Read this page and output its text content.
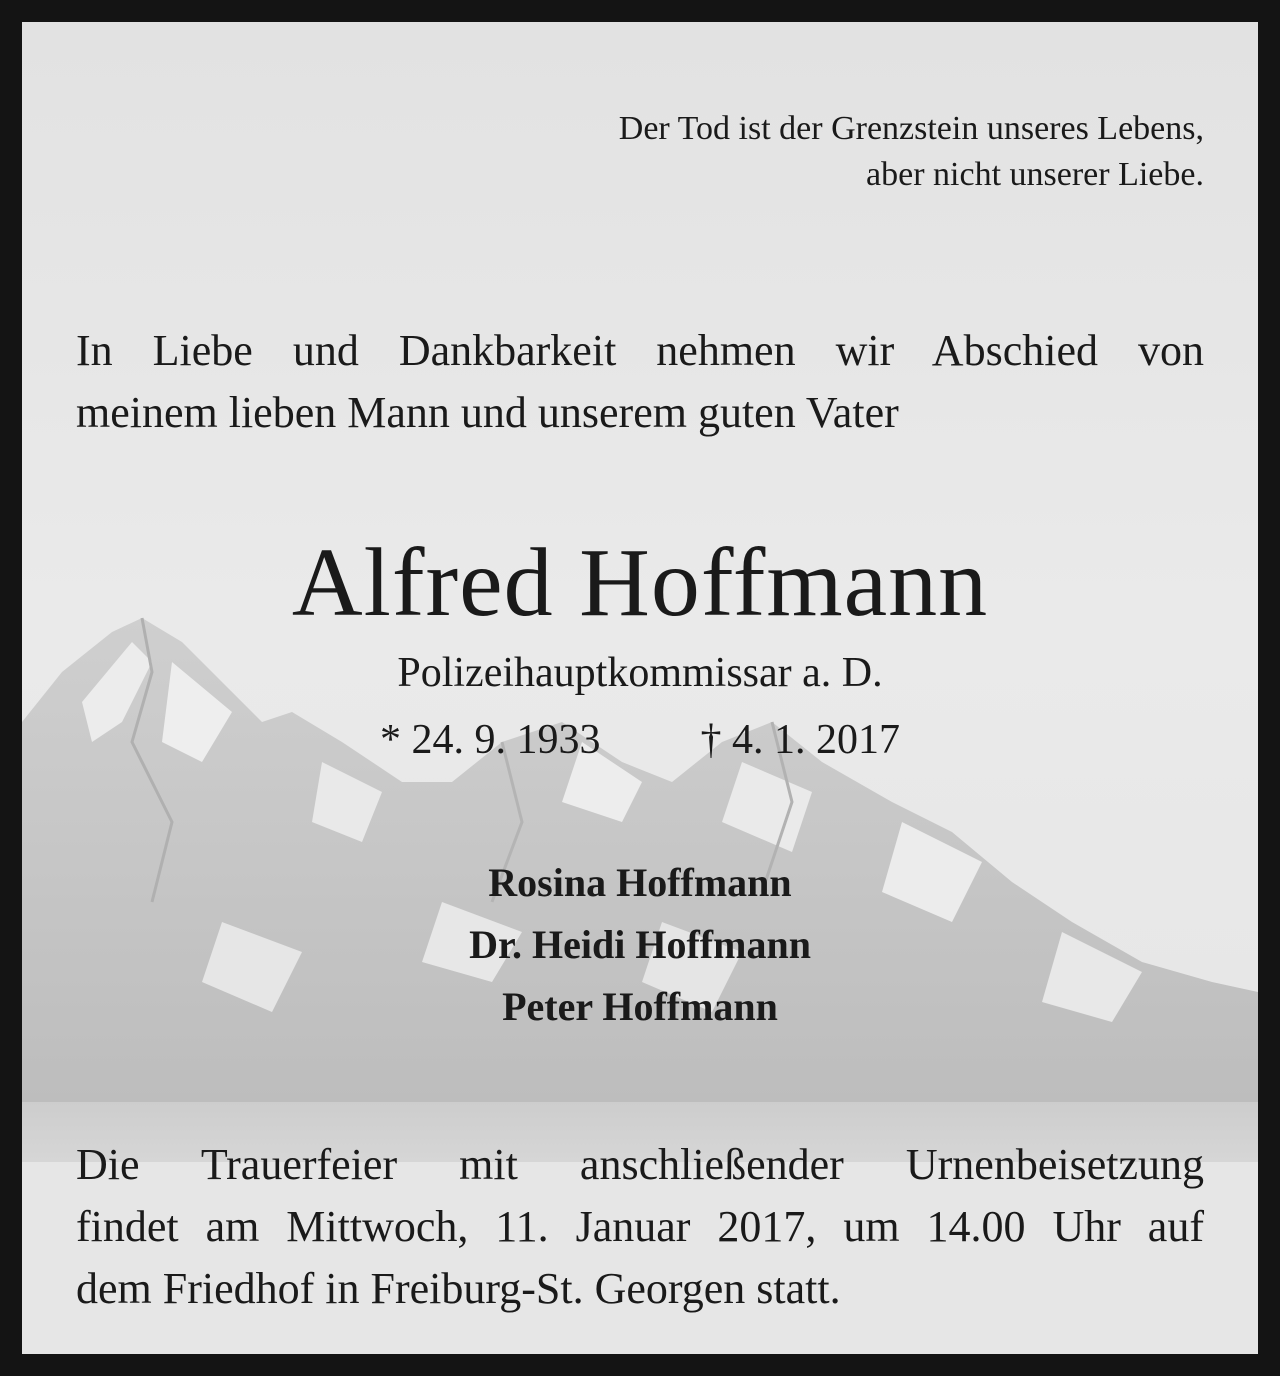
Der Tod ist der Grenzstein unseres Lebens,
aber nicht unserer Liebe.
In Liebe und Dankbarkeit nehmen wir Abschied von
meinem lieben Mann und unserem guten Vater
Alfred Hoffmann
Polizeihauptkommissar a. D.
* 24. 9. 1933 † 4. 1. 2017
Rosina Hoffmann
Dr. Heidi Hoffmann
Peter Hoffmann
Die Trauerfeier mit anschließender Urnenbeisetzung
findet am Mittwoch, 11. Januar 2017, um 14.00 Uhr auf
dem Friedhof in Freiburg-St. Georgen statt.
